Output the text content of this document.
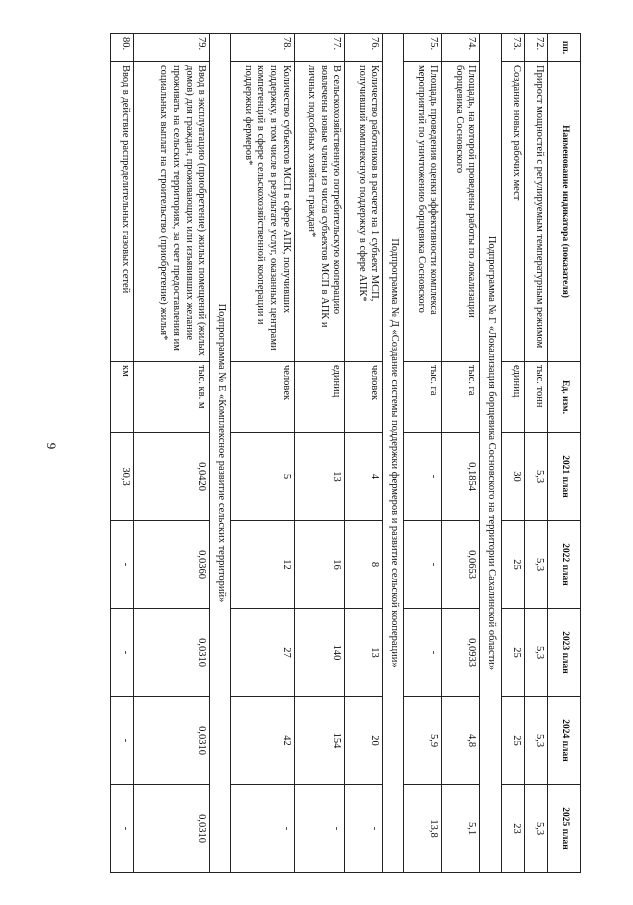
9
пп.	Наименование индикатора (показателя)	Ед. изм.	2021 план	2022 план	2023 план	2024 план	2025 план
72.	Прирост мощностей с регулируемым температурным режимом	тыс. тонн	5,3	5,3	5,3	5,3	5,3
73.	Создание новых рабочих мест	единиц	30	25	25	25	23
Подпрограмма № Г «Локализация борщевика Сосновского на территории Сахалинской области»							
74.	Площадь, на которой проведены работы по локализации борщевика Сосновского	тыс. га	0,1854	0,0653	0,0933	4,8	5,1
75.	Площадь проведения оценки эффективности комплекса мероприятий по уничтожению борщевика Сосновского	тыс. га	-	-	-	5,9	13,8
Подпрограмма № Д «Создание системы поддержки фермеров и развитие сельской кооперации»							
76.	Количество работников в расчете на 1 субъект МСП, получивший комплексную поддержку в сфере АПК*	человек	4	8	13	20	-
77.	В сельскохозяйственную потребительскую кооперацию вовлечены новые члены из числа субъектов МСП в АПК и личных подсобных хозяйств граждан*	единиц	13	16	140	154	-
78.	Количество субъектов МСП в сфере АПК, получивших поддержку, в том числе в результате услуг, оказанных центрами компетенций в сфере сельскохозяйственной кооперации и поддержки фермеров*	человек	5	12	27	42	-
Подпрограмма № Е «Комплексное развитие сельских территорий»							
79.	Ввод в эксплуатацию (приобретение) жилых помещений (жилых домов) для граждан, проживающих или изъявивших желание проживать на сельских территориях, за счет предоставления им социальных выплат на строительство (приобретение) жилья*	тыс. кв. м	0,0420	0,0360	0,0310	0,0310	0,0310
80.	Ввод в действие распределительных газовых сетей	км	30,3	-	-	-	-
